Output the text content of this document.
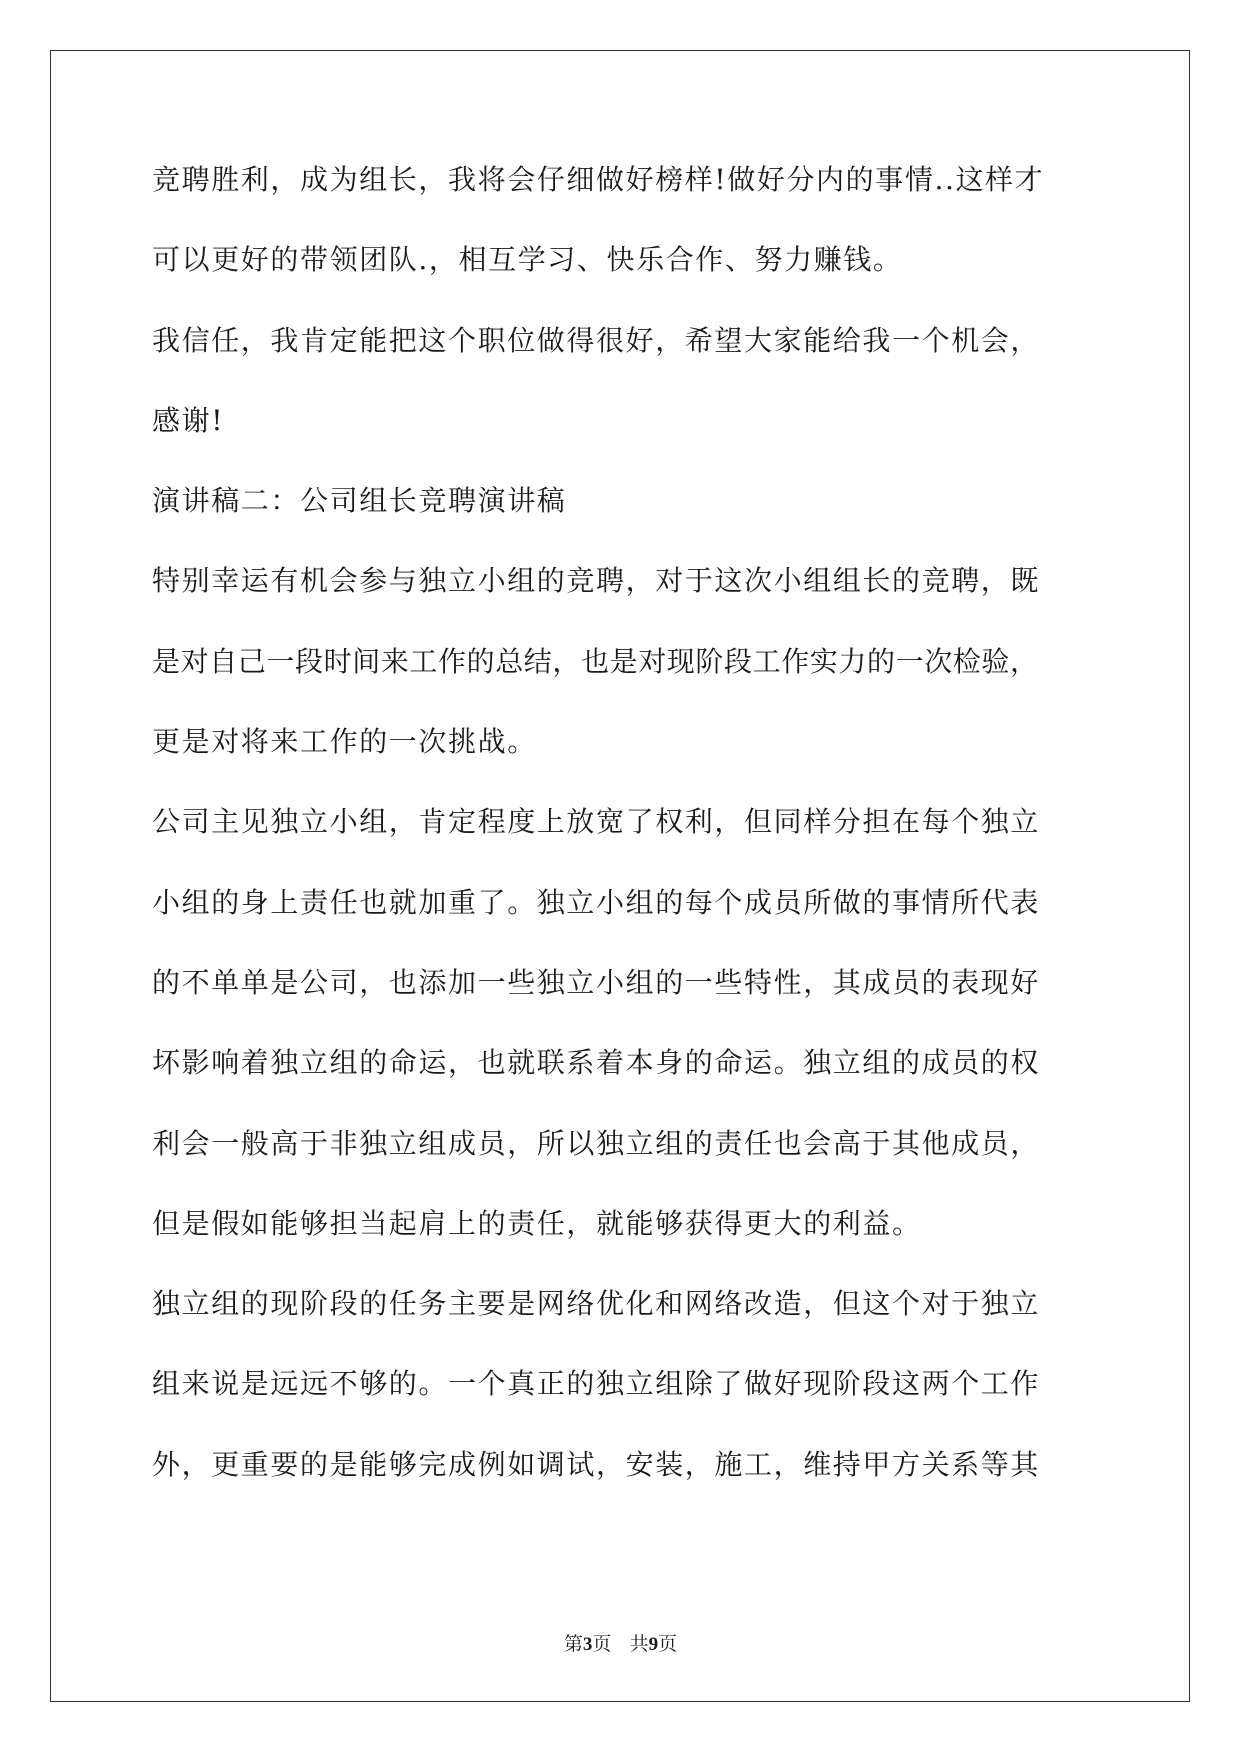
竞聘胜利，成为组长，我将会仔细做好榜样!做好分内的事情..这样才
可以更好的带领团队.，相互学习、快乐合作、努力赚钱。
我信任，我肯定能把这个职位做得很好，希望大家能给我一个机会，
感谢!
演讲稿二：公司组长竞聘演讲稿
特别幸运有机会参与独立小组的竞聘，对于这次小组组长的竞聘，既
是对自己一段时间来工作的总结，也是对现阶段工作实力的一次检验，
更是对将来工作的一次挑战。
公司主见独立小组，肯定程度上放宽了权利，但同样分担在每个独立
小组的身上责任也就加重了。独立小组的每个成员所做的事情所代表
的不单单是公司，也添加一些独立小组的一些特性，其成员的表现好
坏影响着独立组的命运，也就联系着本身的命运。独立组的成员的权
利会一般高于非独立组成员，所以独立组的责任也会高于其他成员，
但是假如能够担当起肩上的责任，就能够获得更大的利益。
独立组的现阶段的任务主要是网络优化和网络改造，但这个对于独立
组来说是远远不够的。一个真正的独立组除了做好现阶段这两个工作
外，更重要的是能够完成例如调试，安装，施工，维持甲方关系等其
第3页 共9页
